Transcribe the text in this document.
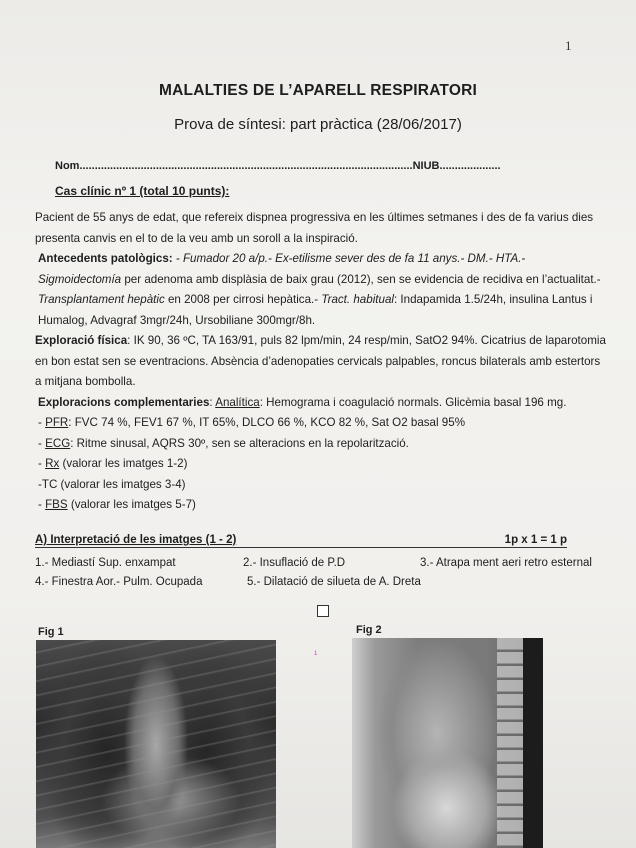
1
MALALTIES DE L’APARELL RESPIRATORI
Prova de síntesi: part pràctica (28/06/2017)
Nom.............................................................................................................NIUB....................
Cas clínic nº 1 (total 10 punts):

Pacient de 55 anys de edat, que refereix dispnea progressiva en les últimes setmanes i des de fa varius dies presenta canvis en el to de la veu amb un soroll a la inspiració.

Antecedents patològics: - Fumador 20 a/p.- Ex-etilisme sever des de fa 11 anys.- DM.- HTA.- Sigmoidectomía per adenoma amb displàsia de baix grau (2012), sen se evidencia de recidiva en l’actualitat.- Transplantament hepàtic en 2008 per cirrosi hepàtica.- Tract. habitual: Indapamida 1.5/24h, insulina Lantus i Humalog, Advagraf 3mgr/24h, Ursobiliane 300mgr/8h.

Exploració física: IK 90, 36 ºC, TA 163/91, puls 82 lpm/min, 24 resp/min, SatO2 94%. Cicatrius de laparotomia en bon estat sen se eventracions. Absència d’adenopaties cervicals palpables, roncus bilaterals amb estertors a mitjana bombolla.

Exploracions complementaries: Analítica: Hemograma i coagulació normals. Glicèmia basal 196 mg.

- PFR: FVC 74 %, FEV1 67 %, IT 65%, DLCO 66 %, KCO 82 %, Sat O2 basal 95%

- ECG: Ritme sinusal, AQRS 30º, sen se alteracions en la repolarització.

- Rx (valorar les imatges 1-2)

-TC (valorar les imatges 3-4)

- FBS (valorar les imatges 5-7)

A) Interpretació de les imatges (1 - 2)	1p x 1 = 1 p
1.- Mediastí Sup. enxampat	2.- Insuflació de P.D	3.- Atrapa ment aeri retro esternal
4.- Finestra Aor.- Pulm. Ocupada	5.- Dilatació de silueta de A. Dreta
Fig 1	Fig 2
1
